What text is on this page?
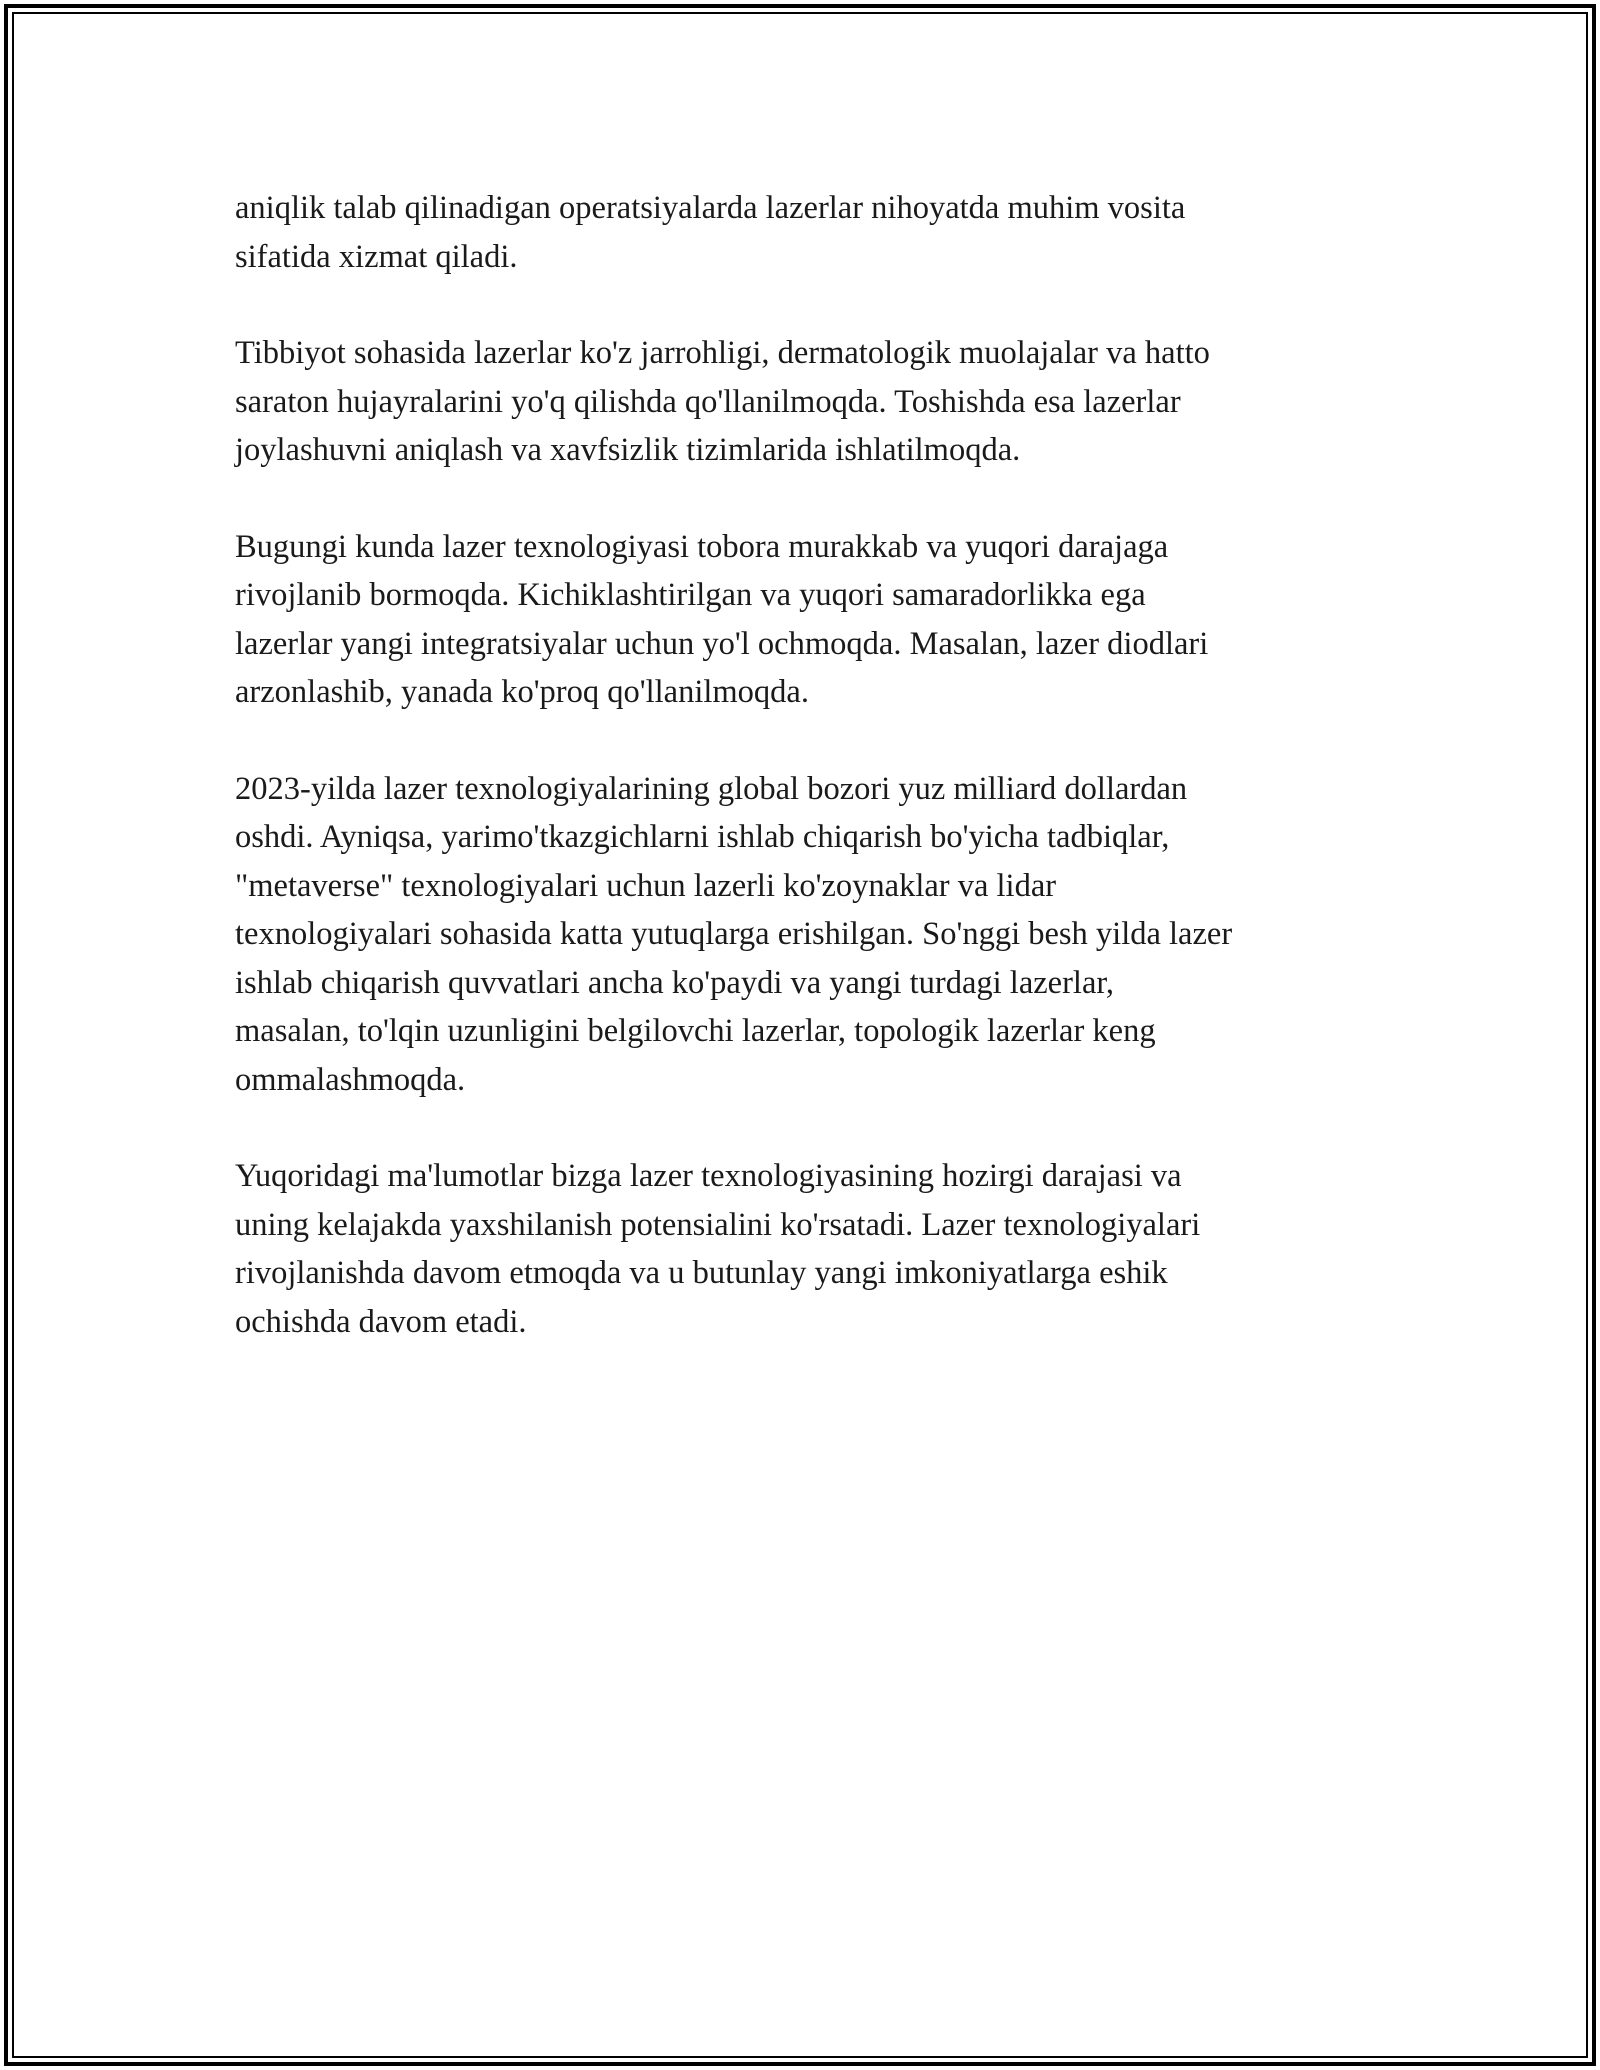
aniqlik talab qilinadigan operatsiyalarda lazerlar nihoyatda muhim vosita
sifatida xizmat qiladi.

Tibbiyot sohasida lazerlar ko'z jarrohligi, dermatologik muolajalar va hatto
saraton hujayralarini yo'q qilishda qo'llanilmoqda. Toshishda esa lazerlar
joylashuvni aniqlash va xavfsizlik tizimlarida ishlatilmoqda.

Bugungi kunda lazer texnologiyasi tobora murakkab va yuqori darajaga
rivojlanib bormoqda. Kichiklashtirilgan va yuqori samaradorlikka ega
lazerlar yangi integratsiyalar uchun yo'l ochmoqda. Masalan, lazer diodlari
arzonlashib, yanada ko'proq qo'llanilmoqda.

2023-yilda lazer texnologiyalarining global bozori yuz milliard dollardan
oshdi. Ayniqsa, yarimo'tkazgichlarni ishlab chiqarish bo'yicha tadbiqlar,
"metaverse" texnologiyalari uchun lazerli ko'zoynaklar va lidar
texnologiyalari sohasida katta yutuqlarga erishilgan. So'nggi besh yilda lazer
ishlab chiqarish quvvatlari ancha ko'paydi va yangi turdagi lazerlar,
masalan, to'lqin uzunligini belgilovchi lazerlar, topologik lazerlar keng
ommalashmoqda.

Yuqoridagi ma'lumotlar bizga lazer texnologiyasining hozirgi darajasi va
uning kelajakda yaxshilanish potensialini ko'rsatadi. Lazer texnologiyalari
rivojlanishda davom etmoqda va u butunlay yangi imkoniyatlarga eshik
ochishda davom etadi.
